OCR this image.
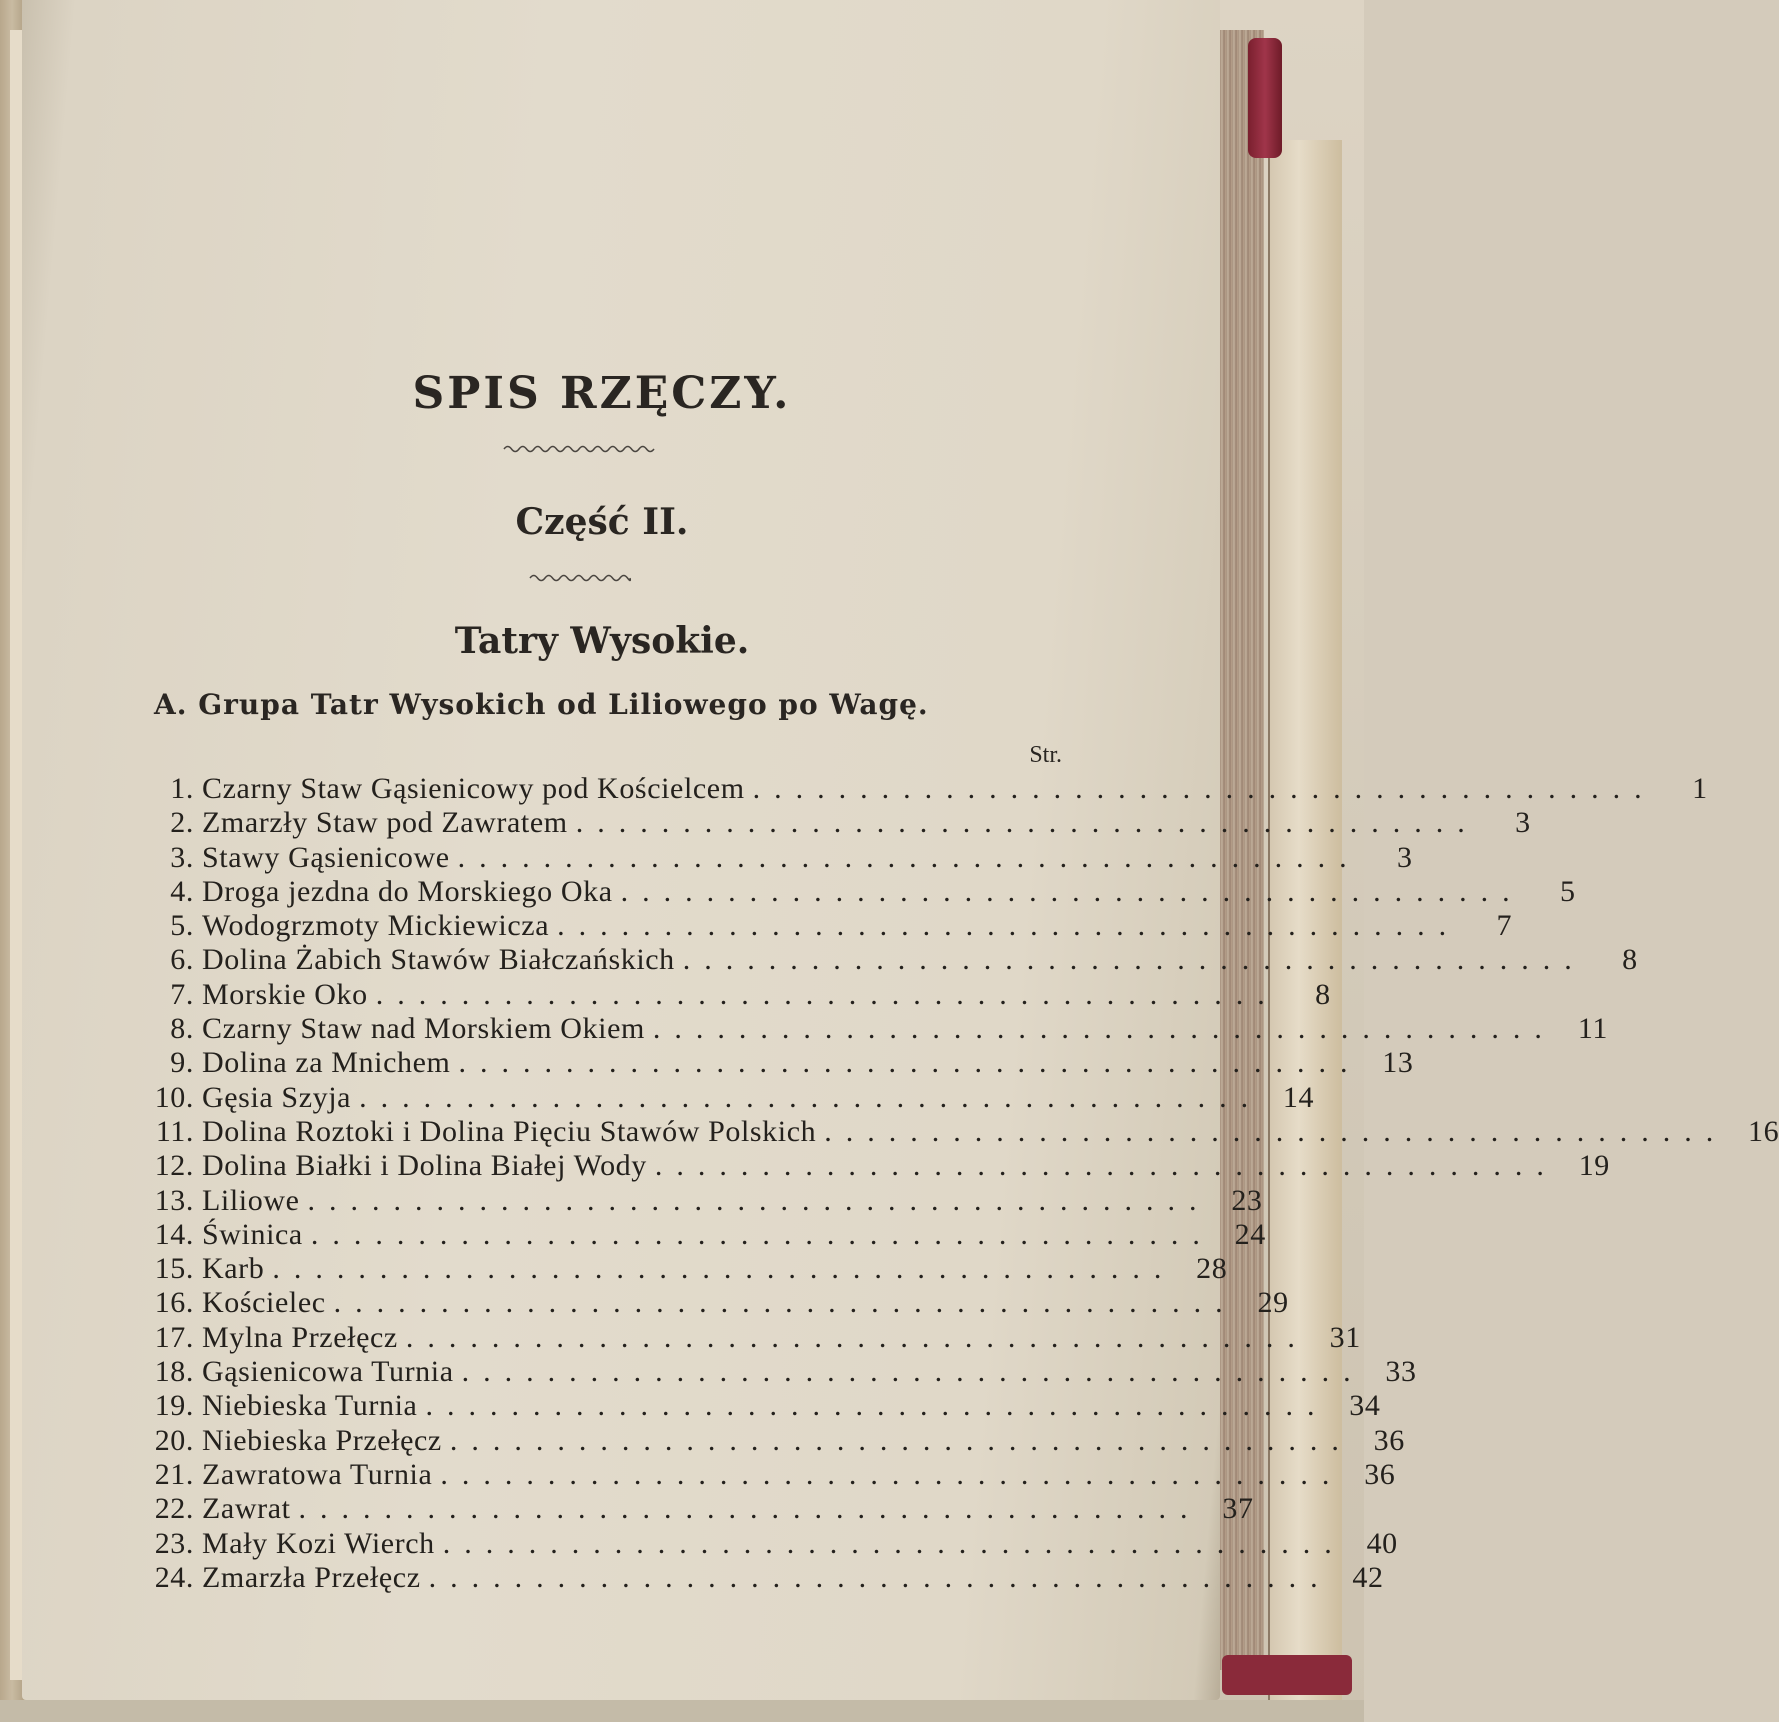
SPIS RZĘCZY.
Część II.
Tatry Wysokie.
A. Grupa Tatr Wysokich od Liliowego po Wagę.
Str.
1. Czarny Staw Gąsienicowy pod Kościelcem ..........................................	1
2. Zmarzły Staw pod Zawratem ..........................................	3
3. Stawy Gąsienicowe ..........................................	3
4. Droga jezdna do Morskiego Oka ..........................................	5
5. Wodogrzmoty Mickiewicza ..........................................	7
6. Dolina Żabich Stawów Białczańskich ..........................................	8
7. Morskie Oko ..........................................	8
8. Czarny Staw nad Morskiem Okiem .......................................... 11
9. Dolina za Mnichem .......................................... 13
10. Gęsia Szyja .......................................... 14
11. Dolina Roztoki i Dolina Pięciu Stawów Polskich .......................................... 16
12. Dolina Białki i Dolina Białej Wody .......................................... 19
13. Liliowe .......................................... 23
14. Świnica .......................................... 24
15. Karb .......................................... 28
16. Kościelec .......................................... 29
17. Mylna Przełęcz .......................................... 31
18. Gąsienicowa Turnia .......................................... 33
19. Niebieska Turnia .......................................... 34
20. Niebieska Przełęcz .......................................... 36
21. Zawratowa Turnia .......................................... 36
22. Zawrat .......................................... 37
23. Mały Kozi Wierch .......................................... 40
24. Zmarzła Przełęcz .......................................... 42
